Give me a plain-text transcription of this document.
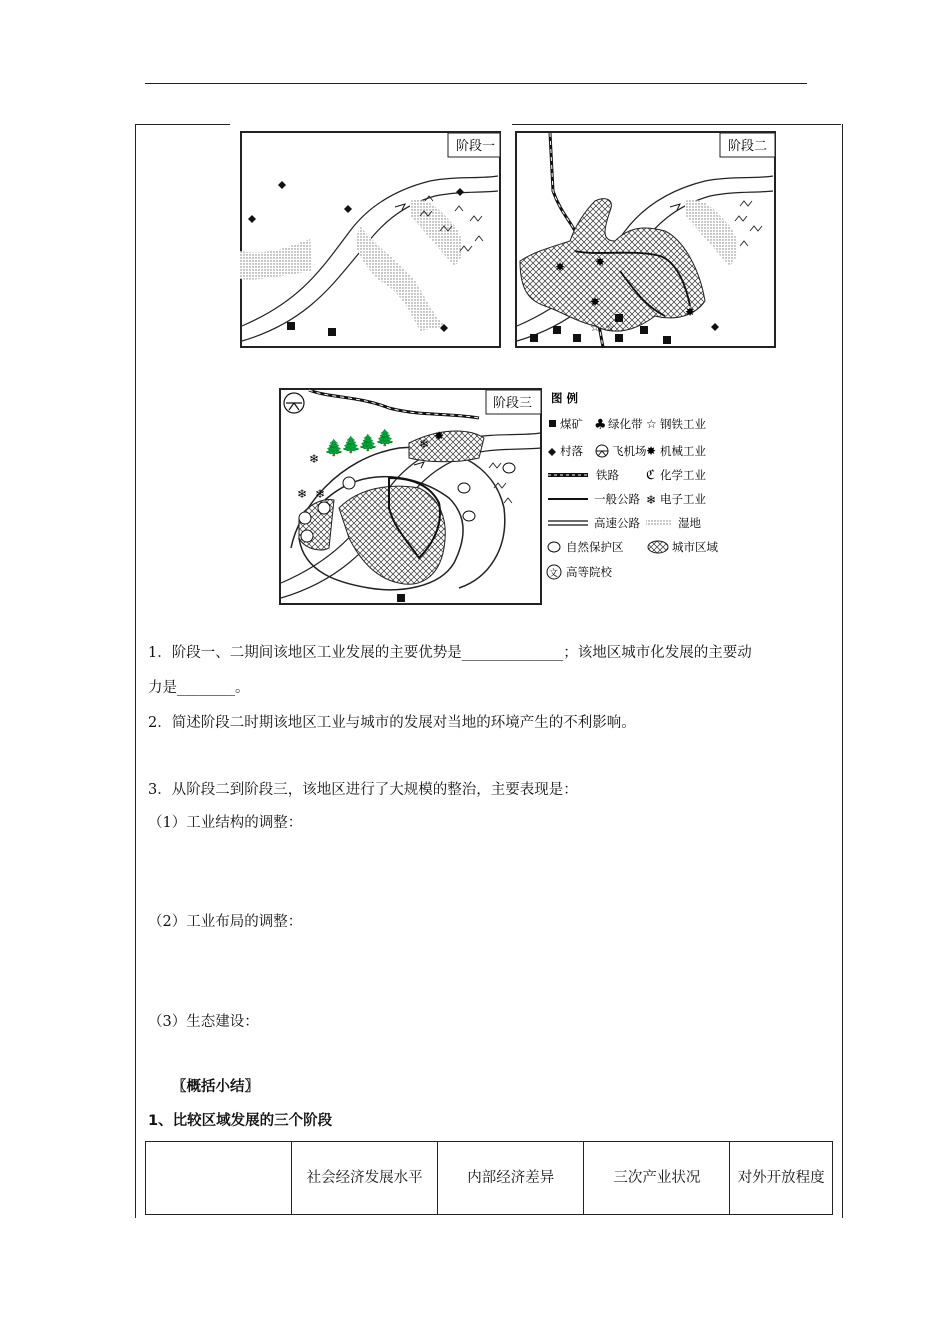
阶段一	阶段二
✸
✸
✸
✸
☆ ☆
阶段三
🌲
🌲
🌲
🌲
❄
❄ ❄
❄
✸
图 例
煤矿 ♣ 绿化带 ☆ 钢铁工业
村落	飞机场 ✸ 机械工业
铁路 ℭ 化学工业
一般公路 ❄ 电子工业
高速公路	湿地
自然保护区	城市区域
文 高等院校
1．阶段一、二期间该地区工业发展的主要优势是______________；该地区城市化发展的主要动
力是________。
2．简述阶段二时期该地区工业与城市的发展对当地的环境产生的不利影响。
3．从阶段二到阶段三，该地区进行了大规模的整治，主要表现是：
（1）工业结构的调整：
（2）工业布局的调整：
（3）生态建设：
〖概括小结〗
1、比较区域发展的三个阶段
	社会经济发展水平	内部经济差异	三次产业状况	对外开放程度
